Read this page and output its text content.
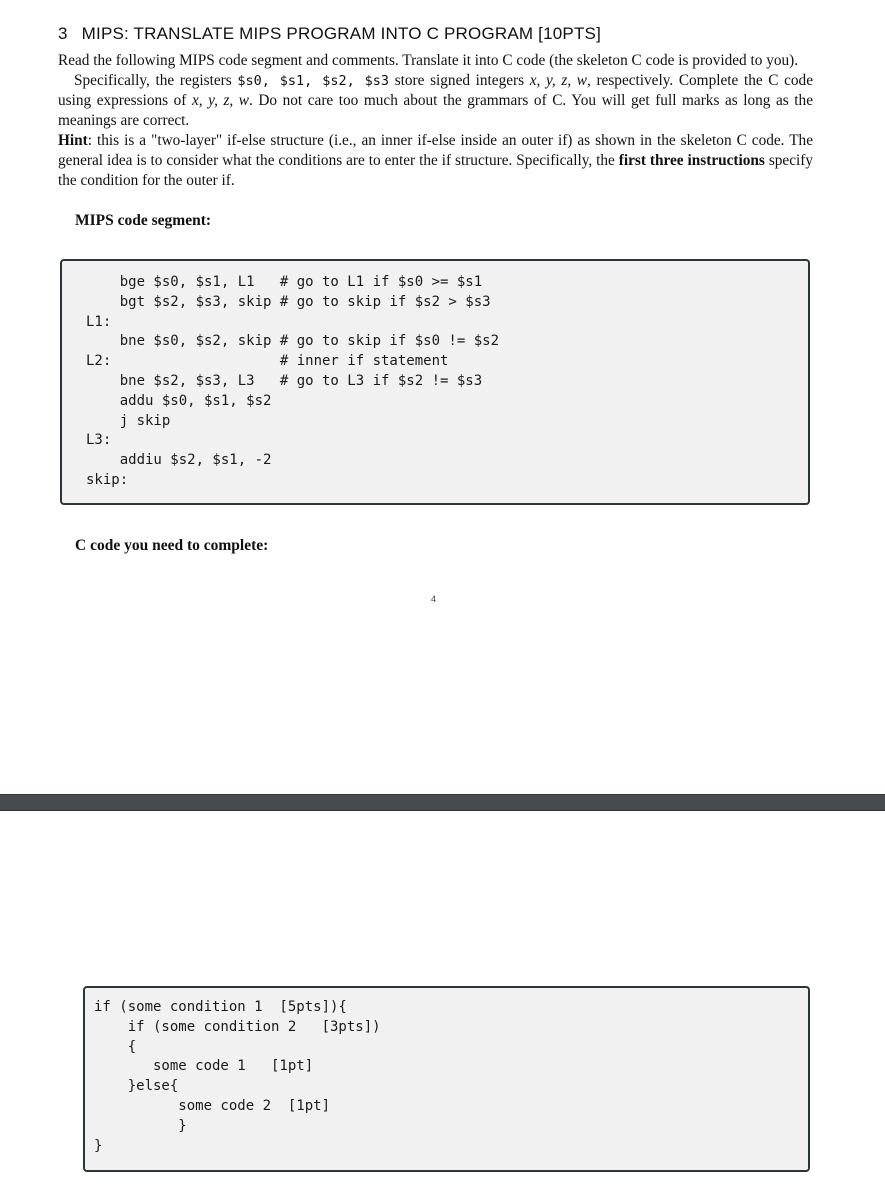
3 MIPS: TRANSLATE MIPS PROGRAM INTO C PROGRAM [10PTS]

Read the following MIPS code segment and comments. Translate it into C code (the skeleton C code is provided to you).

Specifically, the registers $s0, $s1, $s2, $s3 store signed integers x, y, z, w, respectively. Complete the C code using expressions of x, y, z, w. Do not care too much about the grammars of C. You will get full marks as long as the meanings are correct.

Hint: this is a "two-layer" if-else structure (i.e., an inner if-else inside an outer if) as shown in the skeleton C code. The general idea is to consider what the conditions are to enter the if structure. Specifically, the first three instructions specify the condition for the outer if.

MIPS code segment:
bge $s0, $s1, L1   # go to L1 if $s0 >= $s1
bgt $s2, $s3, skip # go to skip if $s2 > $s3
L1:
bne $s0, $s2, skip # go to skip if $s0 != $s2
L2:                    # inner if statement
bne $s2, $s3, L3   # go to L3 if $s2 != $s3
addu $s0, $s1, $s2
j skip
L3:
addiu $s2, $s1, -2
skip:
C code you need to complete:
4
if (some condition 1  [5pts]){
if (some condition 2   [3pts])
{
some code 1   [1pt]
}else{
some code 2  [1pt]
}
}
